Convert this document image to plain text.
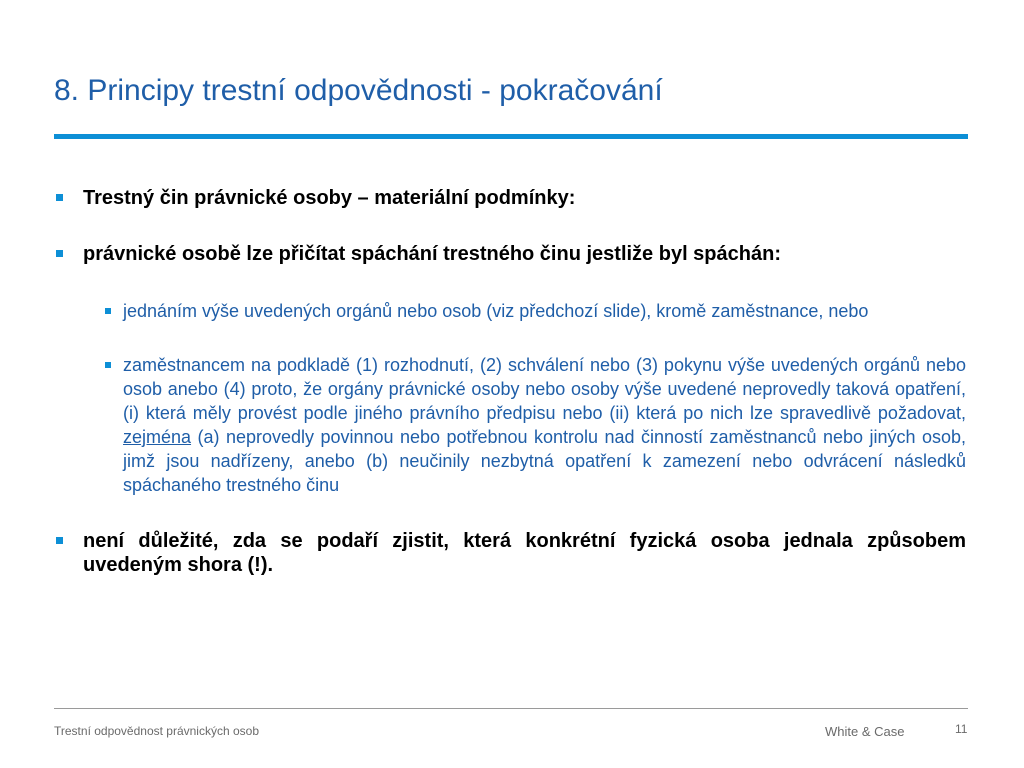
8. Principy trestní odpovědnosti - pokračování
Trestný čin právnické osoby – materiální podmínky:
právnické osobě lze přičítat spáchání trestného činu jestliže byl spáchán:
jednáním výše uvedených orgánů nebo osob (viz předchozí slide), kromě zaměstnance, nebo
zaměstnancem na podkladě (1) rozhodnutí, (2) schválení nebo (3) pokynu výše uvedených orgánů nebo osob anebo (4) proto, že orgány právnické osoby nebo osoby výše uvedené neprovedly taková opatření, (i) která měly provést podle jiného právního předpisu nebo (ii) která po nich lze spravedlivě požadovat, zejména (a) neprovedly povinnou nebo potřebnou kontrolu nad činností zaměstnanců nebo jiných osob, jimž jsou nadřízeny, anebo (b) neučinily nezbytná opatření k zamezení nebo odvrácení následků spáchaného trestného činu
není důležité, zda se podaří zjistit, která konkrétní fyzická osoba jednala způsobem uvedeným shora (!).
Trestní odpovědnost právnických osob	White & Case	11
